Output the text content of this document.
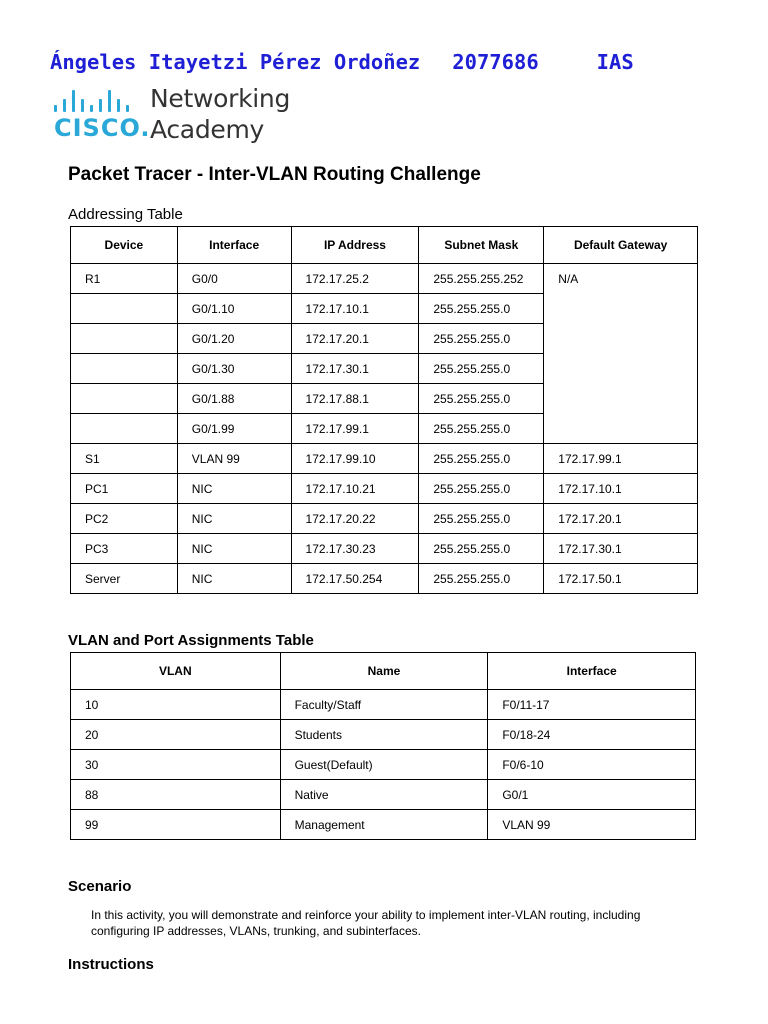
Ángeles Itayetzi Pérez Ordoñez 2077686	IAS

CISCO.
Networking
Academy
Packet Tracer - Inter-VLAN Routing Challenge
Addressing Table
Device	Interface	IP Address	Subnet Mask	Default Gateway
R1	G0/0	172.17.25.2	255.255.255.252	N/A
	G0/1.10	172.17.10.1	255.255.255.0	
	G0/1.20	172.17.20.1	255.255.255.0	
	G0/1.30	172.17.30.1	255.255.255.0	
	G0/1.88	172.17.88.1	255.255.255.0	
	G0/1.99	172.17.99.1	255.255.255.0	
S1	VLAN 99	172.17.99.10	255.255.255.0	172.17.99.1
PC1	NIC	172.17.10.21	255.255.255.0	172.17.10.1
PC2	NIC	172.17.20.22	255.255.255.0	172.17.20.1
PC3	NIC	172.17.30.23	255.255.255.0	172.17.30.1
Server	NIC	172.17.50.254	255.255.255.0	172.17.50.1
VLAN and Port Assignments Table
VLAN	Name	Interface
10	Faculty/Staff	F0/11-17
20	Students	F0/18-24
30	Guest(Default)	F0/6-10
88	Native	G0/1
99	Management	VLAN 99
Scenario

In this activity, you will demonstrate and reinforce your ability to implement inter-VLAN routing, including configuring IP addresses, VLANs, trunking, and subinterfaces.

Instructions
